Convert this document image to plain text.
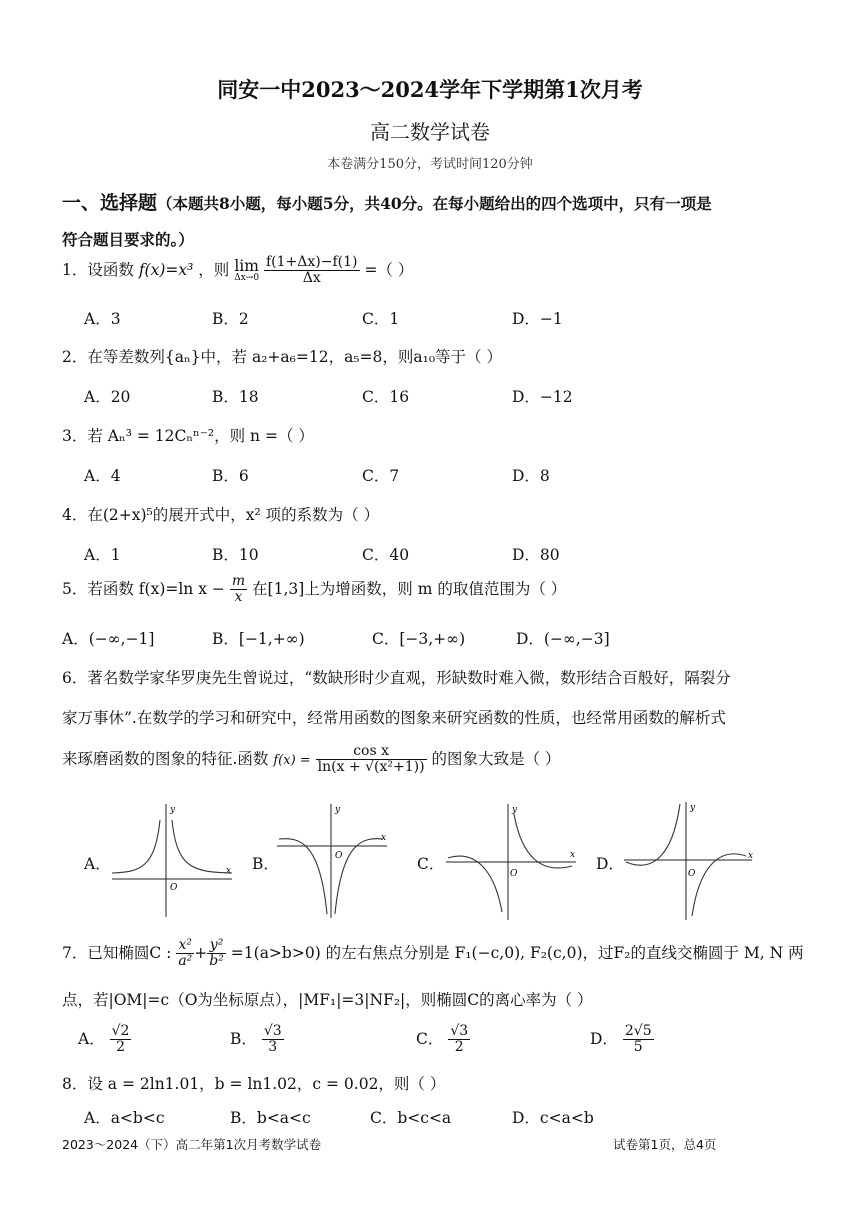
同安一中2023～2024学年下学期第1次月考
高二数学试卷
本卷满分150分，考试时间120分钟
一、选择题（本题共8小题，每小题5分，共40分。在每小题给出的四个选项中，只有一项是
符合题目要求的。）
1．设函数 f(x)=x³ ，则 lim
Δx→0
$\frac{f(1+\Delta x)-f(1)}{\Delta x}$ =（ ）
A．3	B．2	C．1	D．−1
2．在等差数列{aₙ}中，若 a₂+a₆=12，a₅=8，则a₁₀等于（ ）
A．20	B．18	C．16	D．−12
3．若 Aₙ³ = 12Cₙⁿ⁻²，则 n =（ ）
A．4	B．6	C．7	D．8
4．在(2+x)⁵的展开式中，x² 项的系数为（ ）
A．1	B．10	C．40	D．80
5．若函数 f(x)=ln $x - \frac{m}{x}$ 在[1,3]上为增函数，则 m 的取值范围为（ ）
A．(−∞,−1]	B．[−1,+∞)	C．[−3,+∞)	D．(−∞,−3]
6．著名数学家华罗庚先生曾说过，“数缺形时少直观，形缺数时难入微，数形结合百般好，隔裂分
家万事休”.在数学的学习和研究中，经常用函数的图象来研究函数的性质，也经常用函数的解析式
来琢磨函数的图象的特征.函数 $f(x) = \frac{\text{cos x}}{\text{ln(x + √(x²+1))}}$ 的图象大致是（ ）
A．	B．	C．	D．
x
y
O
x
y
O	x
y
O
x
y
O
7．已知椭圆C : $\frac{\text{x²}}{\text{a²}} + \frac{\text{y²}}{\text{b²}} =1(a>b>0)$ 的左右焦点分别是 F₁(−c,0), F₂(c,0)，过F₂的直线交椭圆于 M, N 两
点，若|OM|=c（O为坐标原点），|MF₁|=3|NF₂|，则椭圆C的离心率为（ ）
A． $\frac{√2}{2}$	B． $\frac{√3}{3}$	C． $\frac{√3}{2}$	D． $\frac{2√5}{5}$
8．设 a = 2ln1.01，b = ln1.02，c = 0.02，则（ ）
A．a<b<c	B．b<a<c	C．b<c<a	D．c<a<b
2023～2024（下）高二年第1次月考数学试卷	试卷第1页，总4页
